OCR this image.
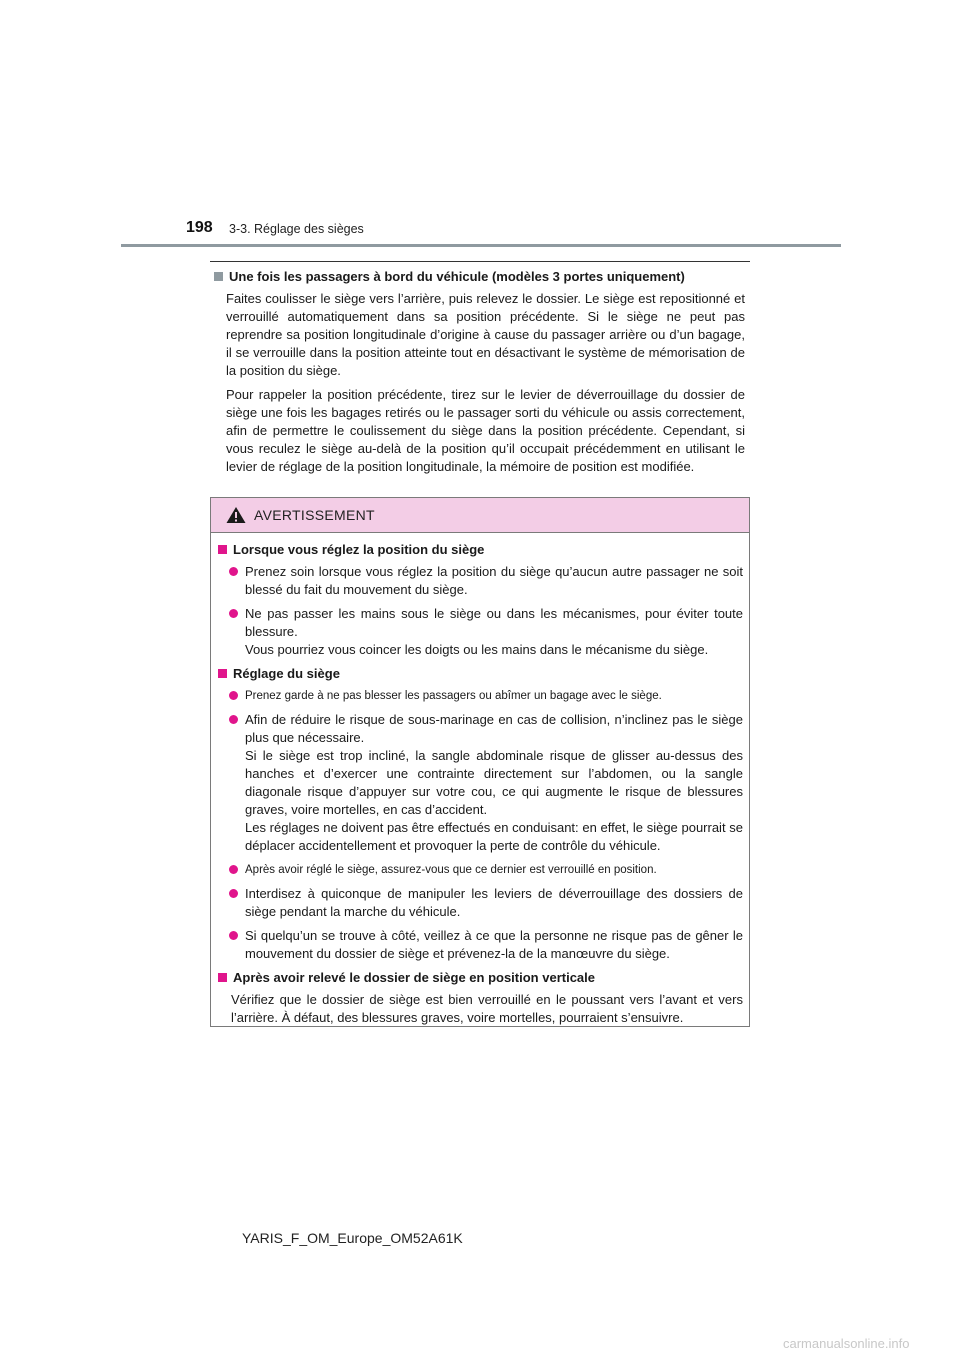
198 3-3. Réglage des sièges
Une fois les passagers à bord du véhicule (modèles 3 portes uniquement)

Faites coulisser le siège vers l’arrière, puis relevez le dossier. Le siège est repositionné et verrouillé automatiquement dans sa position précédente. Si le siège ne peut pas reprendre sa position longitudinale d’origine à cause du passager arrière ou d’un bagage, il se verrouille dans la position atteinte tout en désactivant le système de mémorisation de la position du siège.

Pour rappeler la position précédente, tirez sur le levier de déverrouillage du dossier de siège une fois les bagages retirés ou le passager sorti du véhicule ou assis correctement, afin de permettre le coulissement du siège dans la position précédente. Cependant, si vous reculez le siège au-delà de la position qu’il occupait précédemment en utilisant le levier de réglage de la position longitudinale, la mémoire de position est modifiée.

AVERTISSEMENT
Lorsque vous réglez la position du siège
Prenez soin lorsque vous réglez la position du siège qu’aucun autre passager ne soit blessé du fait du mouvement du siège.
Ne pas passer les mains sous le siège ou dans les mécanismes, pour éviter toute blessure.
Vous pourriez vous coincer les doigts ou les mains dans le mécanisme du siège.
Réglage du siège
Prenez garde à ne pas blesser les passagers ou abîmer un bagage avec le siège.
Afin de réduire le risque de sous-marinage en cas de collision, n’inclinez pas le siège plus que nécessaire.
Si le siège est trop incliné, la sangle abdominale risque de glisser au-dessus des hanches et d’exercer une contrainte directement sur l’abdomen, ou la sangle diagonale risque d’appuyer sur votre cou, ce qui augmente le risque de blessures graves, voire mortelles, en cas d’accident.
Les réglages ne doivent pas être effectués en conduisant: en effet, le siège pourrait se déplacer accidentellement et provoquer la perte de contrôle du véhicule.
Après avoir réglé le siège, assurez-vous que ce dernier est verrouillé en position.
Interdisez à quiconque de manipuler les leviers de déverrouillage des dossiers de siège pendant la marche du véhicule.
Si quelqu’un se trouve à côté, veillez à ce que la personne ne risque pas de gêner le mouvement du dossier de siège et prévenez-la de la manœuvre du siège.
Après avoir relevé le dossier de siège en position verticale

Vérifiez que le dossier de siège est bien verrouillé en le poussant vers l’avant et vers l’arrière. À défaut, des blessures graves, voire mortelles, pourraient s’ensuivre.

YARIS_F_OM_Europe_OM52A61K
carmanualsonline.info
